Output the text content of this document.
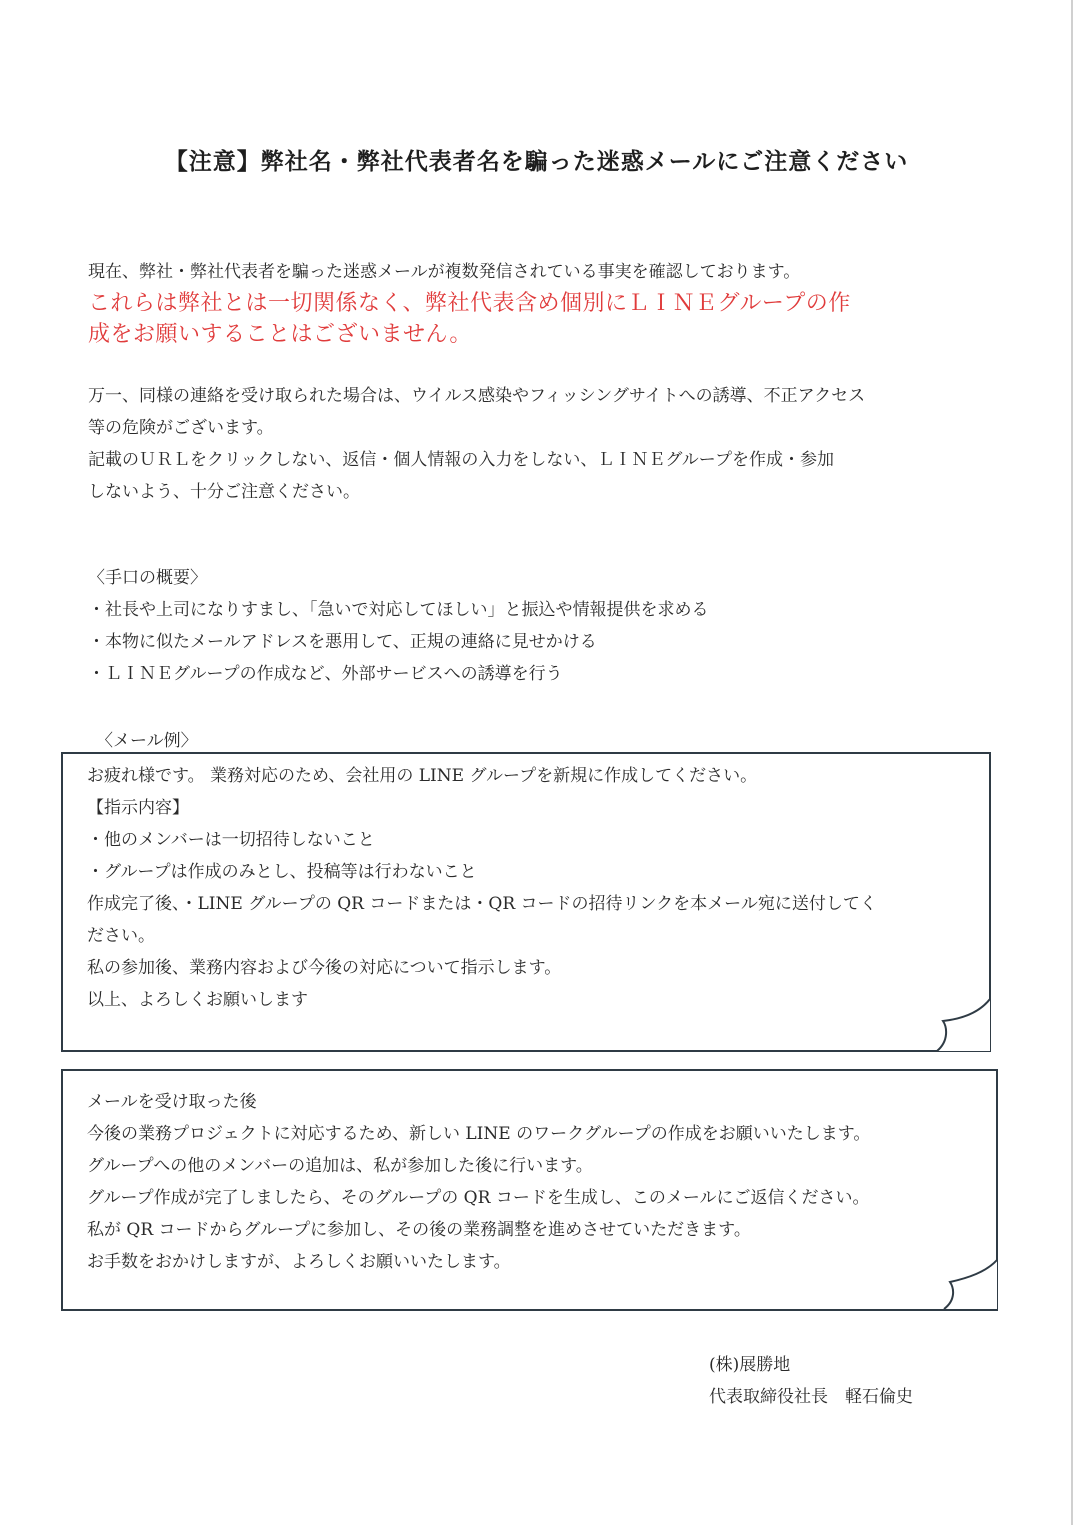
【注意】弊社名・弊社代表者名を騙った迷惑メールにご注意ください
現在、弊社・弊社代表者を騙った迷惑メールが複数発信されている事実を確認しております。
これらは弊社とは一切関係なく、弊社代表含め個別にＬＩＮＥグループの作
成をお願いすることはございません。
万一、同様の連絡を受け取られた場合は、ウイルス感染やフィッシングサイトへの誘導、不正アクセス
等の危険がございます。
記載のＵＲＬをクリックしない、返信・個人情報の入力をしない、ＬＩＮＥグループを作成・参加
しないよう、十分ご注意ください。
〈手口の概要〉
・社長や上司になりすまし、「急いで対応してほしい」と振込や情報提供を求める
・本物に似たメールアドレスを悪用して、正規の連絡に見せかける
・ＬＩＮＥグループの作成など、外部サービスへの誘導を行う
〈メール例〉
お疲れ様です。 業務対応のため、会社用の LINE グループを新規に作成してください。
【指示内容】
・他のメンバーは一切招待しないこと
・グループは作成のみとし、投稿等は行わないこと
作成完了後、・LINE グループの QR コードまたは・QR コードの招待リンクを本メール宛に送付してく
ださい。
私の参加後、業務内容および今後の対応について指示します。
以上、よろしくお願いします
メールを受け取った後
今後の業務プロジェクトに対応するため、新しい LINE のワークグループの作成をお願いいたします。
グループへの他のメンバーの追加は、私が参加した後に行います。
グループ作成が完了しましたら、そのグループの QR コードを生成し、このメールにご返信ください。
私が QR コードからグループに参加し、その後の業務調整を進めさせていただきます。
お手数をおかけしますが、よろしくお願いいたします。
(株)展勝地
代表取締役社長　軽石倫史
